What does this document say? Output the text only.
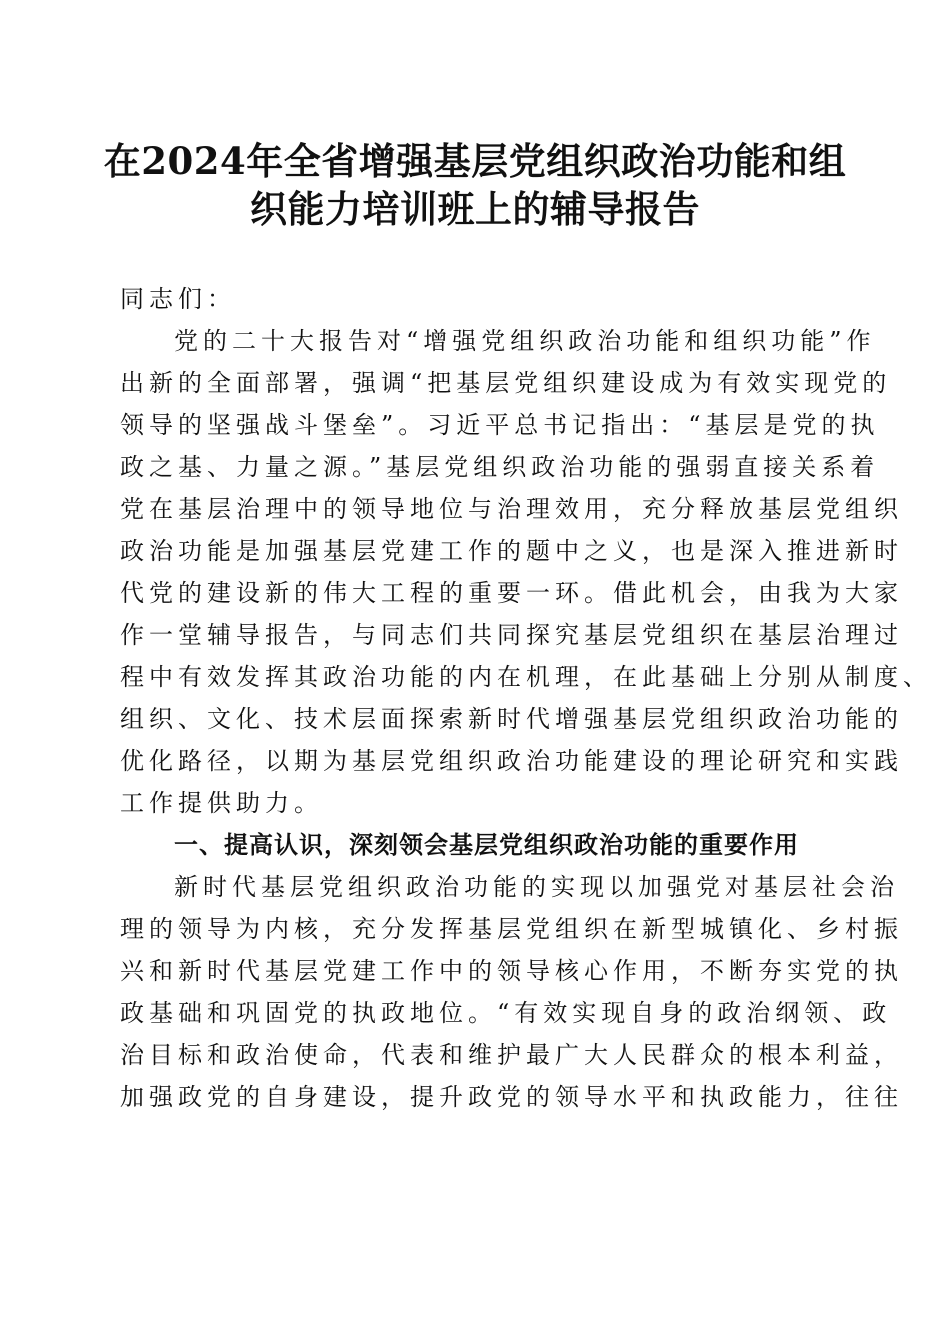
在2024年全省增强基层党组织政治功能和组
织能力培训班上的辅导报告
同志们：
党的二十大报告对“增强党组织政治功能和组织功能”作
出新的全面部署，强调“把基层党组织建设成为有效实现党的
领导的坚强战斗堡垒”。习近平总书记指出：“基层是党的执
政之基、力量之源。”基层党组织政治功能的强弱直接关系着
党在基层治理中的领导地位与治理效用，充分释放基层党组织
政治功能是加强基层党建工作的题中之义，也是深入推进新时
代党的建设新的伟大工程的重要一环。借此机会，由我为大家
作一堂辅导报告，与同志们共同探究基层党组织在基层治理过
程中有效发挥其政治功能的内在机理，在此基础上分别从制度、
组织、文化、技术层面探索新时代增强基层党组织政治功能的
优化路径，以期为基层党组织政治功能建设的理论研究和实践
工作提供助力。
一、提高认识，深刻领会基层党组织政治功能的重要作用
新时代基层党组织政治功能的实现以加强党对基层社会治
理的领导为内核，充分发挥基层党组织在新型城镇化、乡村振
兴和新时代基层党建工作中的领导核心作用，不断夯实党的执
政基础和巩固党的执政地位。“有效实现自身的政治纲领、政
治目标和政治使命，代表和维护最广大人民群众的根本利益，
加强政党的自身建设，提升政党的领导水平和执政能力，往往
